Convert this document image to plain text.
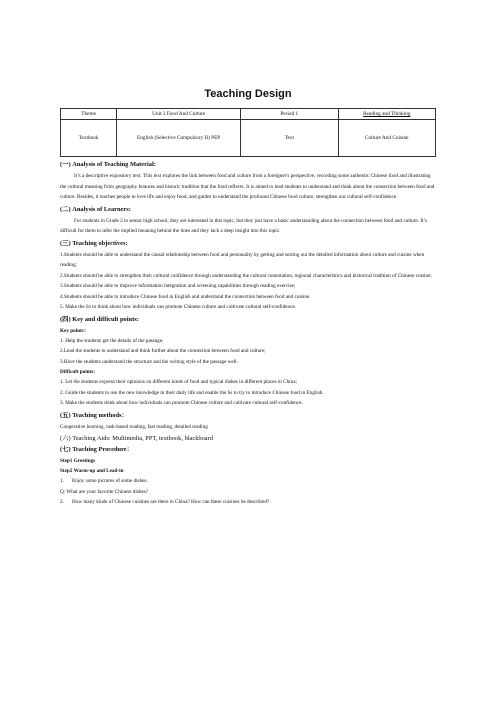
Teaching Design
Theme	Unit 3 Food And Culture	Period 1	Reading and Thinking
Textbook	English (Selective Compulsory II) PEP	Text	Culture And Cuisine
(一) Analysis of Teaching Material:

It’s a descriptive expository text. This text explores the link between food and culture from a foreigner's perspective, recording some authentic Chinese food and illustrating the cultural meaning from geography features and historic tradition that the food reflects. It is aimed to lead students to understand and think about the connection between food and culture. Besides, it teaches people to love life and enjoy food, and guides to understand the profound Chinese food culture, strengthen our cultural self-confidence.

(二) Analysis of Learners:

For students in Grade 2 in senior high school, they are interested in this topic, but they just have a basic understanding about the connection between food and culture. It’s difficult for them to infer the implied meaning behind the lines and they lack a deep insight into this topic.

(三) Teaching objectives:

1.Students should be able to understand the causal relationship between food and personality by getting and sorting out the detailed information about culture and cuisine when reading;

2.Students should be able to strengthen their cultural confidence through understanding the cultural connotation, regional characteristics and historical tradition of Chinese cuisine;

3.Students should be able to improve information integration and screening capabilities through reading exercise;

4.Students should be able to introduce Chinese food in English and understand the connection between food and cuisine.

5. Make the Ss to think about how individuals can promote Chinese culture and cultivate cultural self-confidence.

(四) Key and difficult points:

Key points：

1. Help the students get the details of the passage;

2.Lead the students to understand and think further about the connection between food and culture;

3.Have the students understand the structure and the writing style of the passage well.

Difficult points:

1. Let the students express their opinions on different kinds of food and typical dishes in different places in China;

2. Guide the students to use the new knowledge in their daily life and enable the Ss to try to introduce Chinese food in English.

3. Make the students think about how individuals can promote Chinese culture and cultivate cultural self-confidence.

(五) Teaching methods：

Cooperative learning, task-based reading, fast reading, detailed reading

(六) Teaching Aids: Multimedia, PPT, textbook, blackboard
(七) Teaching Procedure：

Step1 Greetings

Step2 Warm-up and Lead-in

1. Enjoy some pictures of some dishes.

Q: What are your favorite Chinese dishes?

2. How many kinds of Chinese cuisines are there in China? How can these cuisines be described?
